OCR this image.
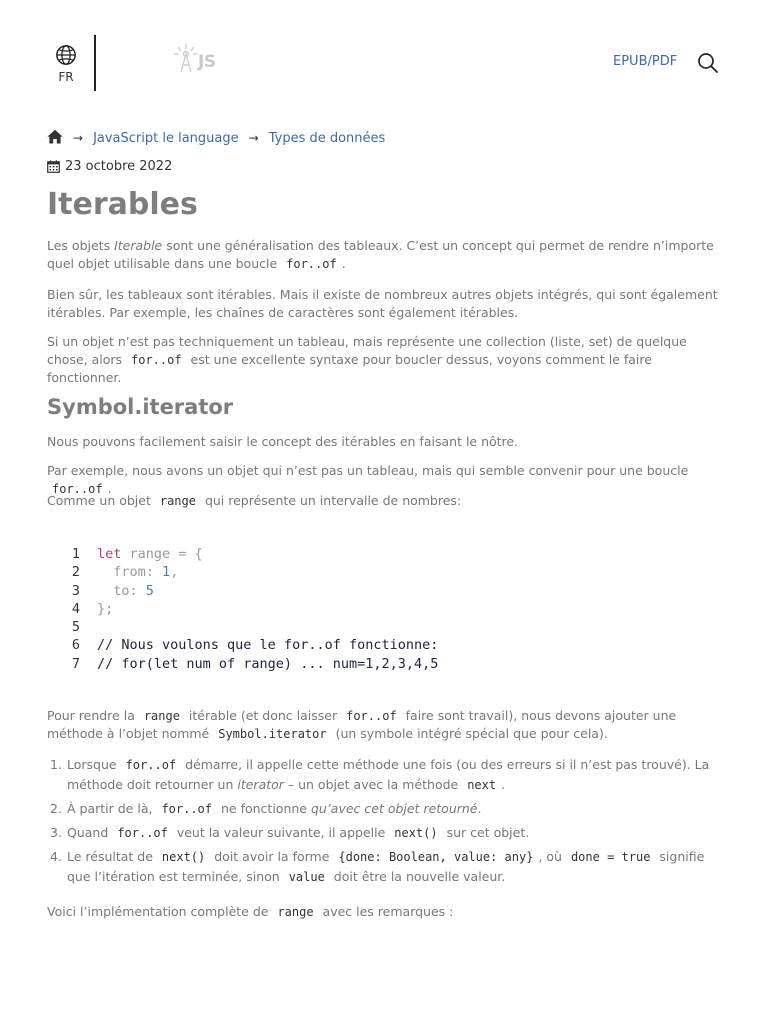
FR
JS	EPUB/PDF
→ JavaScript le language → Types de données
23 octobre 2022
Iterables

Les objets Iterable sont une généralisation des tableaux. C’est un concept qui permet de rendre n’importe quel objet utilisable dans une boucle for..of .

Bien sûr, les tableaux sont itérables. Mais il existe de nombreux autres objets intégrés, qui sont également itérables. Par exemple, les chaînes de caractères sont également itérables.

Si un objet n’est pas techniquement un tableau, mais représente une collection (liste, set) de quelque chose, alors for..of est une excellente syntaxe pour boucler dessus, voyons comment le faire fonctionner.

Symbol.iterator

Nous pouvons facilement saisir le concept des itérables en faisant le nôtre.

Par exemple, nous avons un objet qui n’est pas un tableau, mais qui semble convenir pour une boucle for..of .

Comme un objet range qui représente un intervalle de nombres:

1 let range = {
2  from: 1,
3  to: 5
4 };
5
6 // Nous voulons que le for..of fonctionne:
7 // for(let num of range) ... num=1,2,3,4,5

Pour rendre la range itérable (et donc laisser for..of faire sont travail), nous devons ajouter une méthode à l’objet nommé Symbol.iterator (un symbole intégré spécial que pour cela).

1. Lorsque for..of démarre, il appelle cette méthode une fois (ou des erreurs si il n’est pas trouvé). La méthode doit retourner un iterator – un objet avec la méthode next .
2. À partir de là, for..of ne fonctionne qu’avec cet objet retourné.
3. Quand for..of veut la valeur suivante, il appelle next() sur cet objet.
4. Le résultat de next() doit avoir la forme {done: Boolean, value: any} , où done = true signifie que l’itération est terminée, sinon value doit être la nouvelle valeur.

Voici l’implémentation complète de range avec les remarques :
